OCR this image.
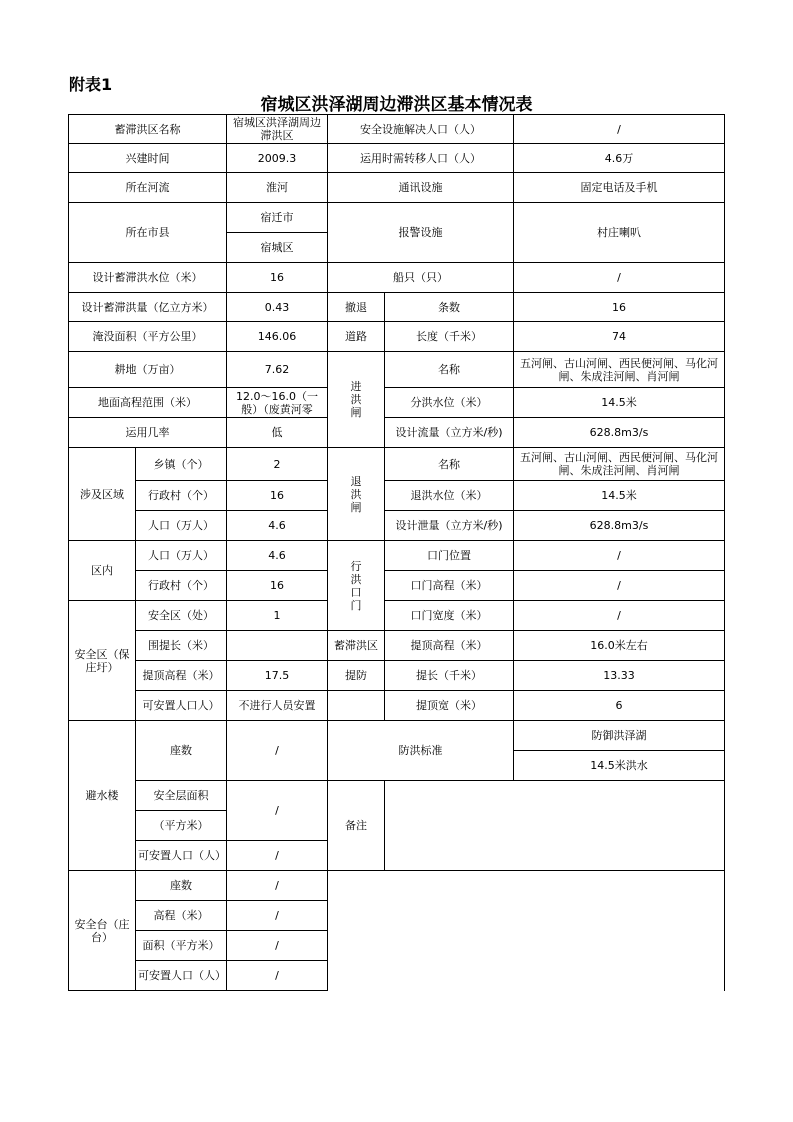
附表1
宿城区洪泽湖周边滞洪区基本情况表
蓄滞洪区名称		宿城区洪泽湖周边滞洪区	安全设施解决人口（人）		/
兴建时间		2009.3	运用时需转移人口（人）		4.6万
所在河流		淮河	通讯设施		固定电话及手机
所在市县		宿迁市	报警设施		村庄喇叭
		宿城区			
设计蓄滞洪水位（米）		16	船只（只）		/
设计蓄滞洪量（亿立方米）		0.43	撤退	条数	16
淹没面积（平方公里）		146.06	道路	长度（千米）	74
耕地（万亩）		7.62	进洪闸	名称	五河闸、古山河闸、西民便河闸、马化河闸、朱成洼河闸、肖河闸
地面高程范围（米）		12.0～16.0（一般）（废黄河零		分洪水位（米）	14.5米
运用几率		低		设计流量（立方米/秒)	628.8m3/s
涉及区域	乡镇（个）	2	退洪闸	名称	五河闸、古山河闸、西民便河闸、马化河闸、朱成洼河闸、肖河闸
	行政村（个）	16		退洪水位（米）	14.5米
	人口（万人）	4.6		设计泄量（立方米/秒)	628.8m3/s
区内	人口（万人）	4.6	行洪口门	口门位置	/
	行政村（个）	16		口门高程（米）	/
安全区（保庄圩）	安全区（处）	1		口门宽度（米）	/
	围提长（米）		蓄滞洪区	提顶高程（米）	16.0米左右
	提顶高程（米）	17.5	提防	提长（千米）	13.33
	可安置人口人）	不进行人员安置		提顶宽（米）	6
避水楼	座数	/	防洪标准		防御洪泽湖
					14.5米洪水
	安全层面积	/	备注		
	（平方米）				
	可安置人口（人）	/			
安全台（庄台）	座数	/			
	高程（米）	/			
	面积（平方米）	/			
	可安置人口（人）	/			
